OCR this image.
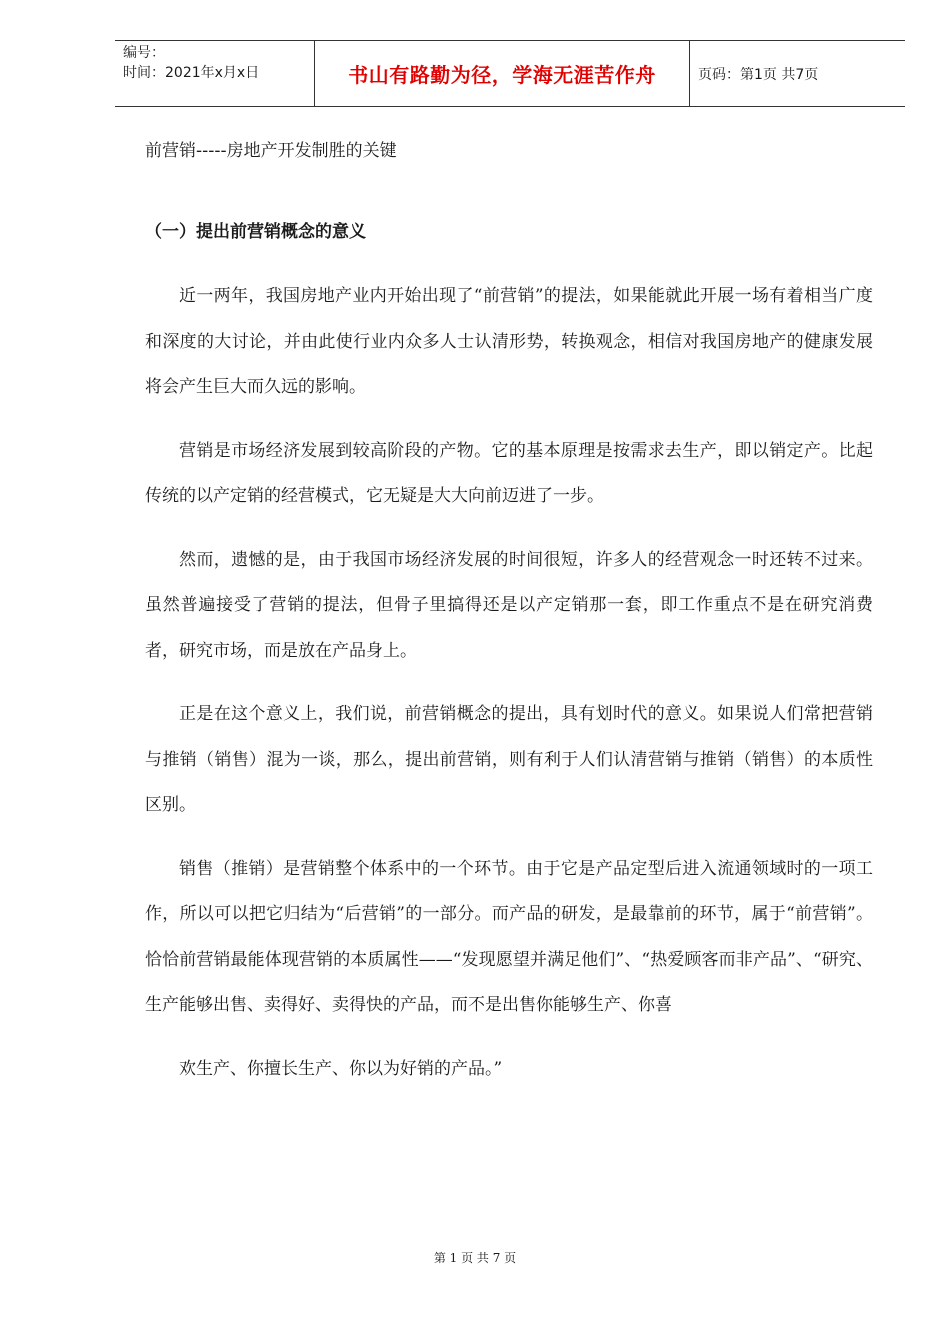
编号：
时间：2021年x月x日	书山有路勤为径，学海无涯苦作舟	页码：第1页 共7页
前营销-----房地产开发制胜的关键
（一）提出前营销概念的意义

近一两年，我国房地产业内开始出现了“前营销”的提法，如果能就此开展一场有着相当广度和深度的大讨论，并由此使行业内众多人士认清形势，转换观念，相信对我国房地产的健康发展将会产生巨大而久远的影响。

营销是市场经济发展到较高阶段的产物。它的基本原理是按需求去生产，即以销定产。比起传统的以产定销的经营模式，它无疑是大大向前迈进了一步。

然而，遗憾的是，由于我国市场经济发展的时间很短，许多人的经营观念一时还转不过来。虽然普遍接受了营销的提法，但骨子里搞得还是以产定销那一套，即工作重点不是在研究消费者，研究市场，而是放在产品身上。

正是在这个意义上，我们说，前营销概念的提出，具有划时代的意义。如果说人们常把营销与推销（销售）混为一谈，那么，提出前营销，则有利于人们认清营销与推销（销售）的本质性区别。

销售（推销）是营销整个体系中的一个环节。由于它是产品定型后进入流通领域时的一项工作，所以可以把它归结为“后营销”的一部分。而产品的研发，是最靠前的环节，属于“前营销”。恰恰前营销最能体现营销的本质属性——“发现愿望并满足他们”、“热爱顾客而非产品”、“研究、生产能够出售、卖得好、卖得快的产品，而不是出售你能够生产、你喜

欢生产、你擅长生产、你以为好销的产品。”

第 1 页 共 7 页
